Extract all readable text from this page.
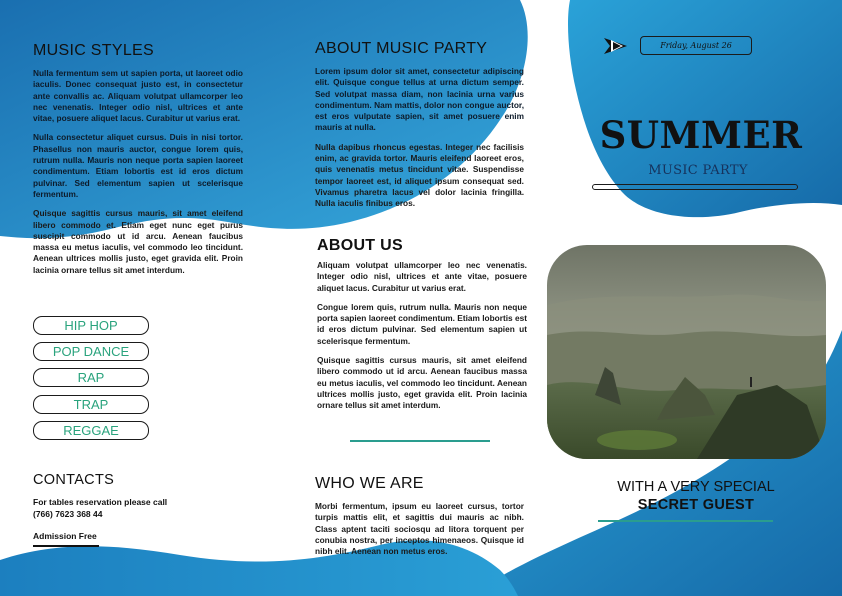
MUSIC STYLES

Nulla fermentum sem ut sapien porta, ut laoreet odio iaculis. Donec consequat justo est, in consectetur ante convallis ac. Aliquam volutpat ullamcorper leo nec venenatis. Integer odio nisl, ultrices et ante vitae, posuere aliquet lacus. Curabitur ut varius erat.

Nulla consectetur aliquet cursus. Duis in nisi tortor. Phasellus non mauris auctor, congue lorem quis, rutrum nulla. Mauris non neque porta sapien laoreet condimentum. Etiam lobortis est id eros dictum pulvinar. Sed elementum sapien ut scelerisque fermentum.

Quisque sagittis cursus mauris, sit amet eleifend libero commodo et. Etiam eget nunc eget purus suscipit commodo ut id arcu. Aenean faucibus massa eu metus iaculis, vel commodo leo tincidunt. Aenean ultrices mollis justo, eget gravida elit. Proin lacinia ornare tellus sit amet interdum.

HIP HOP
POP DANCE
RAP
TRAP
REGGAE
CONTACTS
For tables reservation please call
(766) 7623 368 44
Admission Free
ABOUT MUSIC PARTY

Lorem ipsum dolor sit amet, consectetur adipiscing elit. Quisque congue tellus at urna dictum semper. Sed volutpat massa diam, non lacinia urna varius condimentum. Nam mattis, dolor non congue auctor, est eros vulputate sapien, sit amet posuere enim mauris at nulla.

Nulla dapibus rhoncus egestas. Integer nec facilisis enim, ac gravida tortor. Mauris eleifend laoreet eros, quis venenatis metus tincidunt vitae. Suspendisse tempor laoreet est, id aliquet ipsum consequat sed. Vivamus pharetra lacus vel dolor lacinia fringilla. Nulla iaculis finibus eros.

ABOUT US

Aliquam volutpat ullamcorper leo nec venenatis. Integer odio nisl, ultrices et ante vitae, posuere aliquet lacus. Curabitur ut varius erat.

Congue lorem quis, rutrum nulla. Mauris non neque porta sapien laoreet condimentum. Etiam lobortis est id eros dictum pulvinar. Sed elementum sapien ut scelerisque fermentum.

Quisque sagittis cursus mauris, sit amet eleifend libero commodo ut id arcu. Aenean faucibus massa eu metus iaculis, vel commodo leo tincidunt. Aenean ultrices mollis justo, eget gravida elit. Proin lacinia ornare tellus sit amet interdum.

WHO WE ARE

Morbi fermentum, ipsum eu laoreet cursus, tortor turpis mattis elit, et sagittis dui mauris ac nibh. Class aptent taciti sociosqu ad litora torquent per conubia nostra, per inceptos himenaeos. Quisque id nibh elit. Aenean non metus eros.

Friday, August 26
SUMMER
MUSIC PARTY
WITH A VERY SPECIAL
SECRET GUEST
